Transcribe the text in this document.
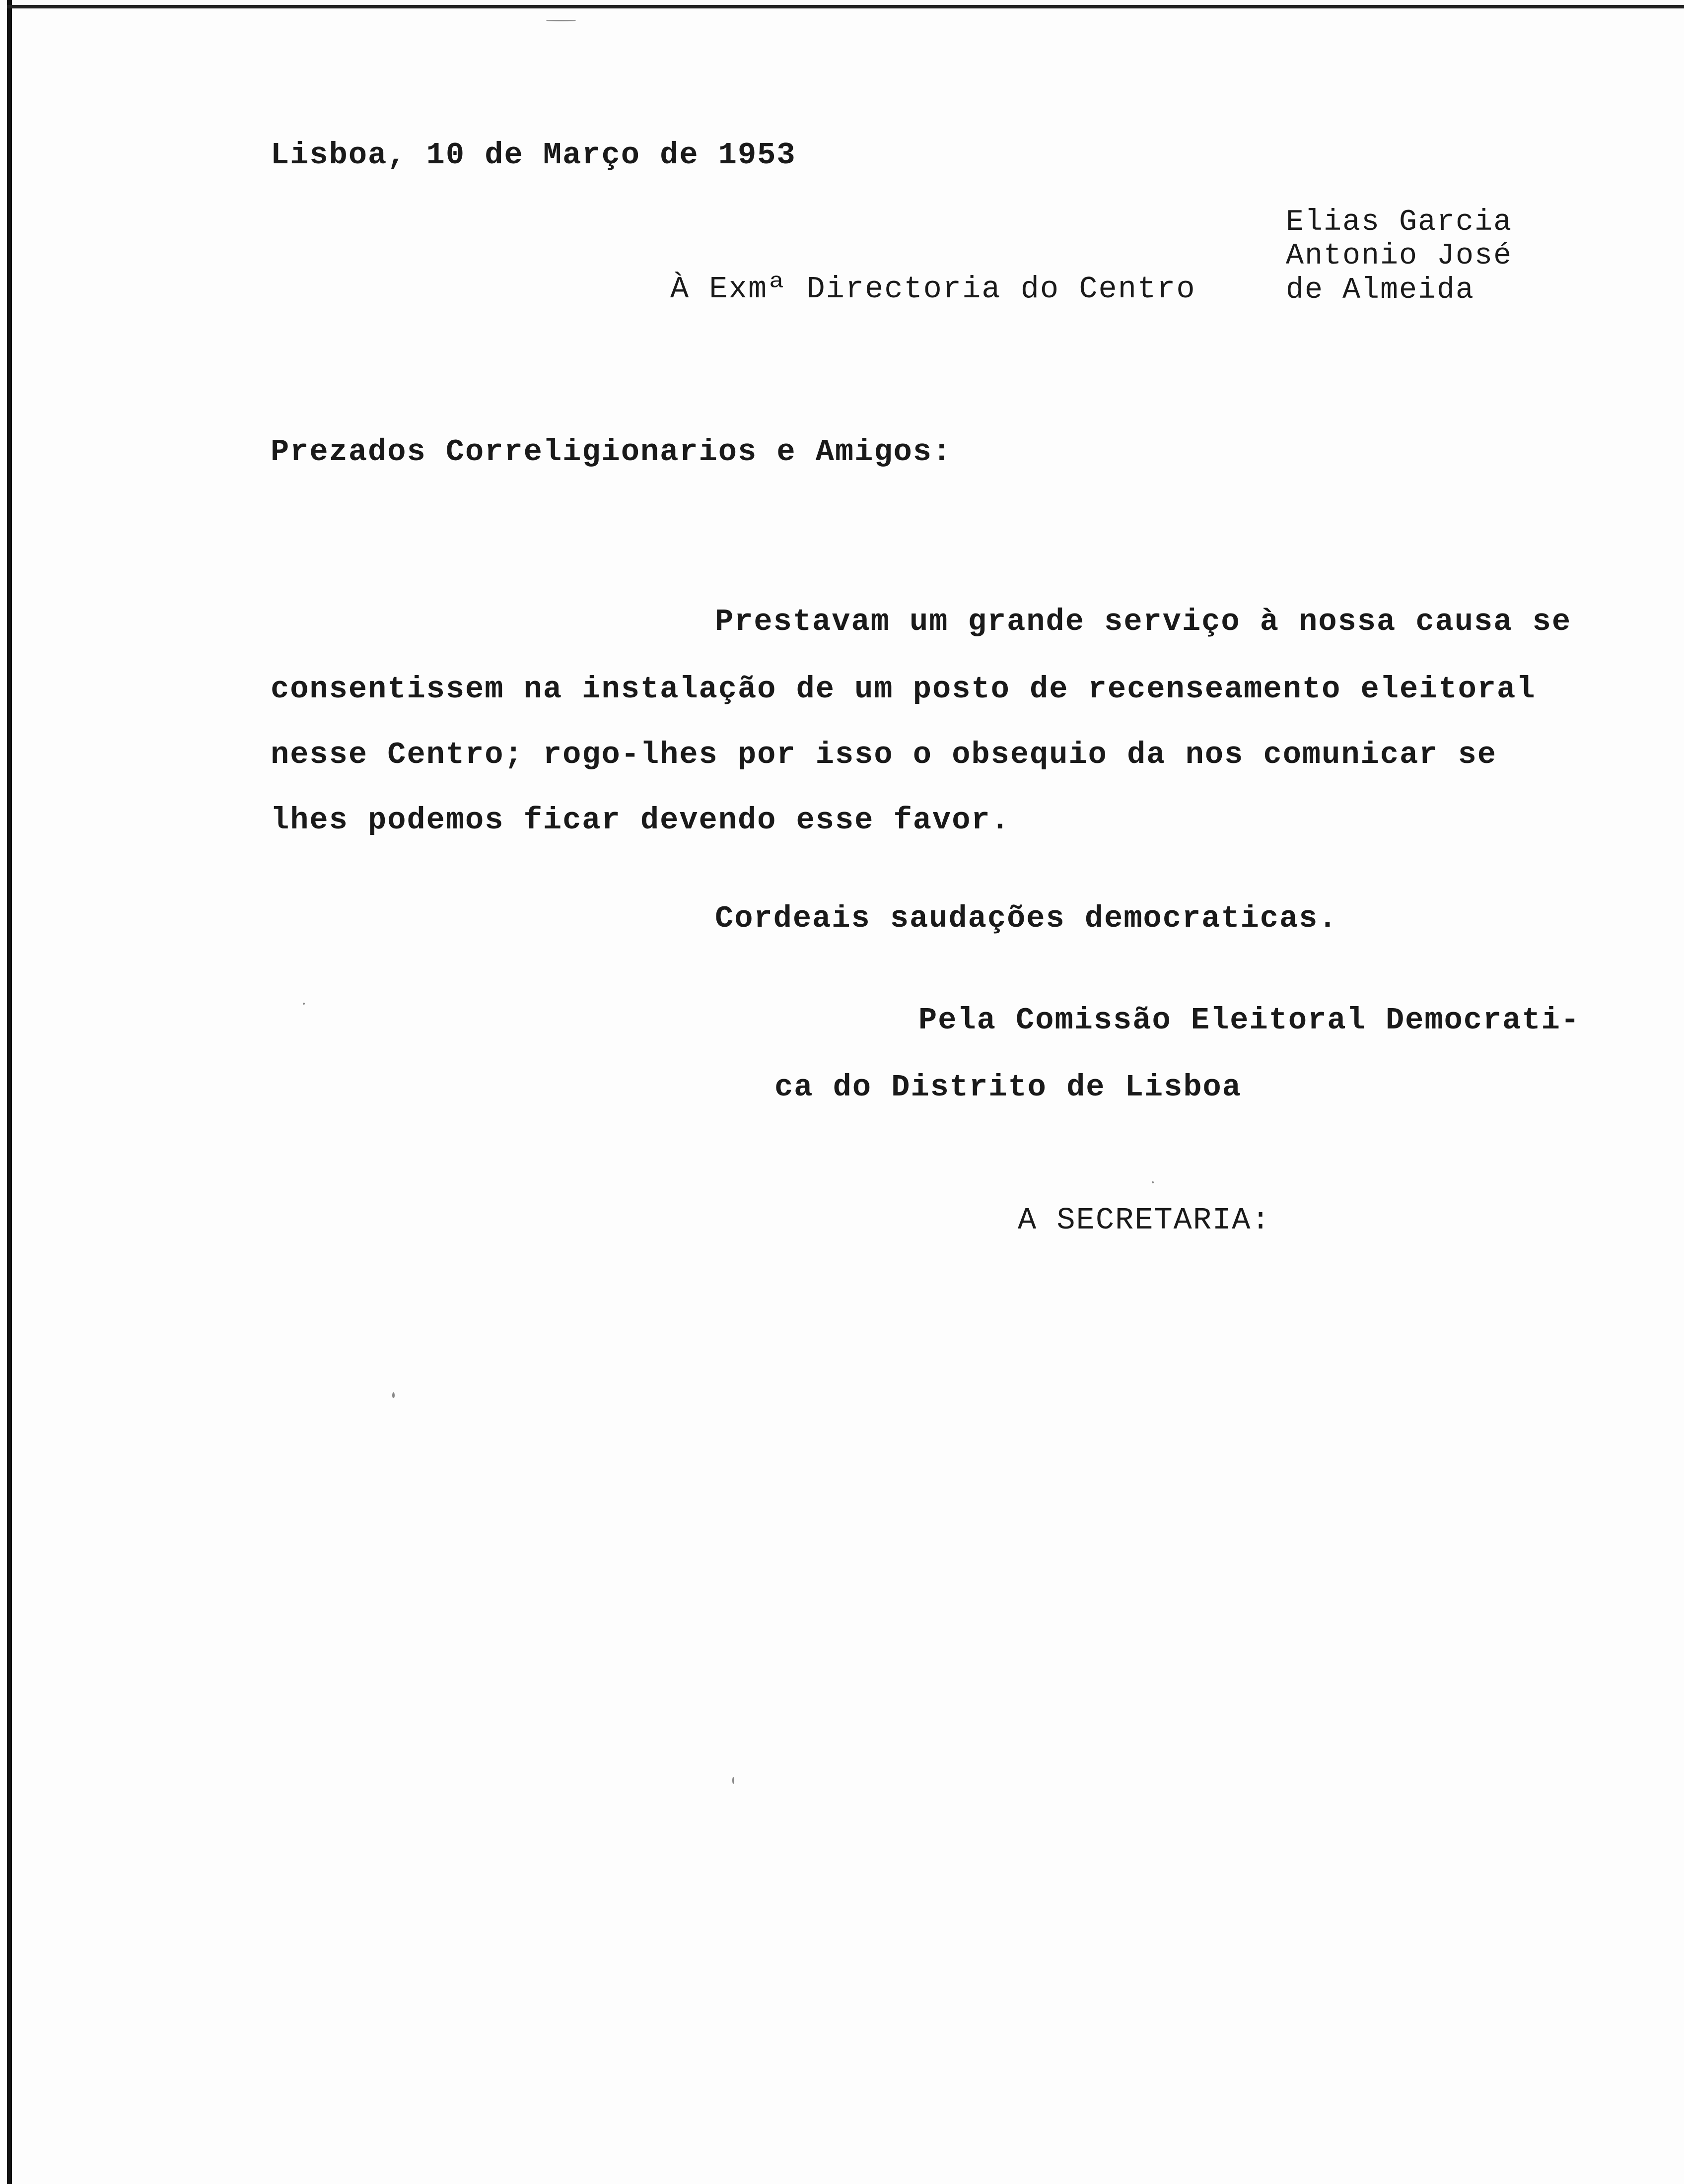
Lisboa, 10 de Março de 1953
Elias Garcia
Antonio José
de Almeida
À Exmª Directoria do Centro
Prezados Correligionarios e Amigos:
Prestavam um grande serviço à nossa causa se
consentissem na instalação de um posto de recenseamento eleitoral
nesse Centro; rogo-lhes por isso o obsequio da nos comunicar se
lhes podemos ficar devendo esse favor.
Cordeais saudações democraticas.
Pela Comissão Eleitoral Democrati-
ca do Distrito de Lisboa
A SECRETARIA:
